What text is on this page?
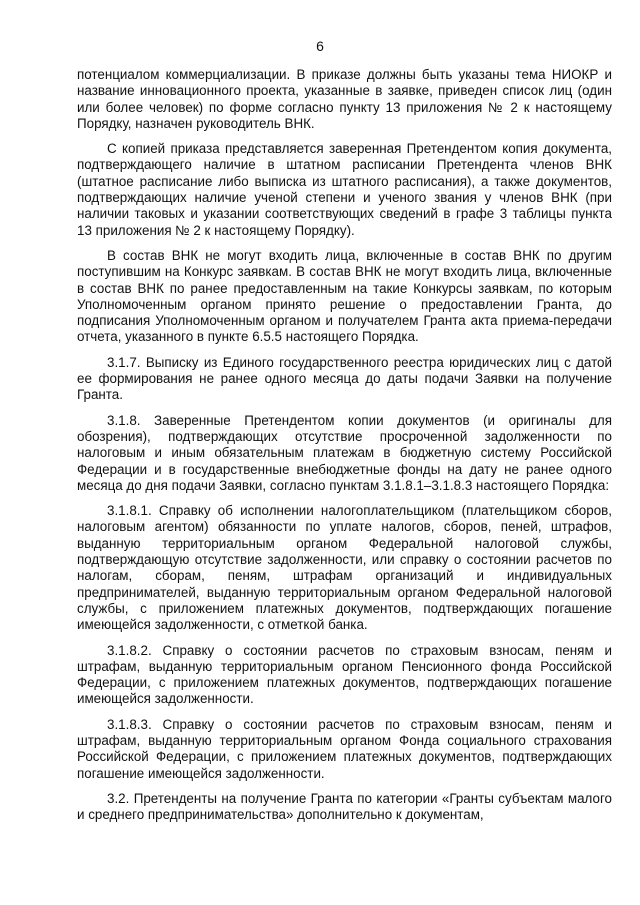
6

потенциалом коммерциализации. В приказе должны быть указаны тема НИОКР и название инновационного проекта, указанные в заявке, приведен список лиц (один или более человек) по форме согласно пункту 13 приложения № 2 к настоящему Порядку, назначен руководитель ВНК.

С копией приказа представляется заверенная Претендентом копия документа, подтверждающего наличие в штатном расписании Претендента членов ВНК (штатное расписание либо выписка из штатного расписания), а также документов, подтверждающих наличие ученой степени и ученого звания у членов ВНК (при наличии таковых и указании соответствующих сведений в графе 3 таблицы пункта 13 приложения № 2 к настоящему Порядку).

В состав ВНК не могут входить лица, включенные в состав ВНК по другим поступившим на Конкурс заявкам. В состав ВНК не могут входить лица, включенные в состав ВНК по ранее предоставленным на такие Конкурсы заявкам, по которым Уполномоченным органом принято решение о предоставлении Гранта, до подписания Уполномоченным органом и получателем Гранта акта приема-передачи отчета, указанного в пункте 6.5.5 настоящего Порядка.

3.1.7. Выписку из Единого государственного реестра юридических лиц с датой ее формирования не ранее одного месяца до даты подачи Заявки на получение Гранта.

3.1.8. Заверенные Претендентом копии документов (и оригиналы для обозрения), подтверждающих отсутствие просроченной задолженности по налоговым и иным обязательным платежам в бюджетную систему Российской Федерации и в государственные внебюджетные фонды на дату не ранее одного месяца до дня подачи Заявки, согласно пунктам 3.1.8.1–3.1.8.3 настоящего Порядка:

3.1.8.1. Справку об исполнении налогоплательщиком (плательщиком сборов, налоговым агентом) обязанности по уплате налогов, сборов, пеней, штрафов, выданную территориальным органом Федеральной налоговой службы, подтверждающую отсутствие задолженности, или справку о состоянии расчетов по налогам, сборам, пеням, штрафам организаций и индивидуальных предпринимателей, выданную территориальным органом Федеральной налоговой службы, с приложением платежных документов, подтверждающих погашение имеющейся задолженности, с отметкой банка.

3.1.8.2. Справку о состоянии расчетов по страховым взносам, пеням и штрафам, выданную территориальным органом Пенсионного фонда Российской Федерации, с приложением платежных документов, подтверждающих погашение имеющейся задолженности.

3.1.8.3. Справку о состоянии расчетов по страховым взносам, пеням и штрафам, выданную территориальным органом Фонда социального страхования Российской Федерации, с приложением платежных документов, подтверждающих погашение имеющейся задолженности.

3.2. Претенденты на получение Гранта по категории «Гранты субъектам малого и среднего предпринимательства» дополнительно к документам,
